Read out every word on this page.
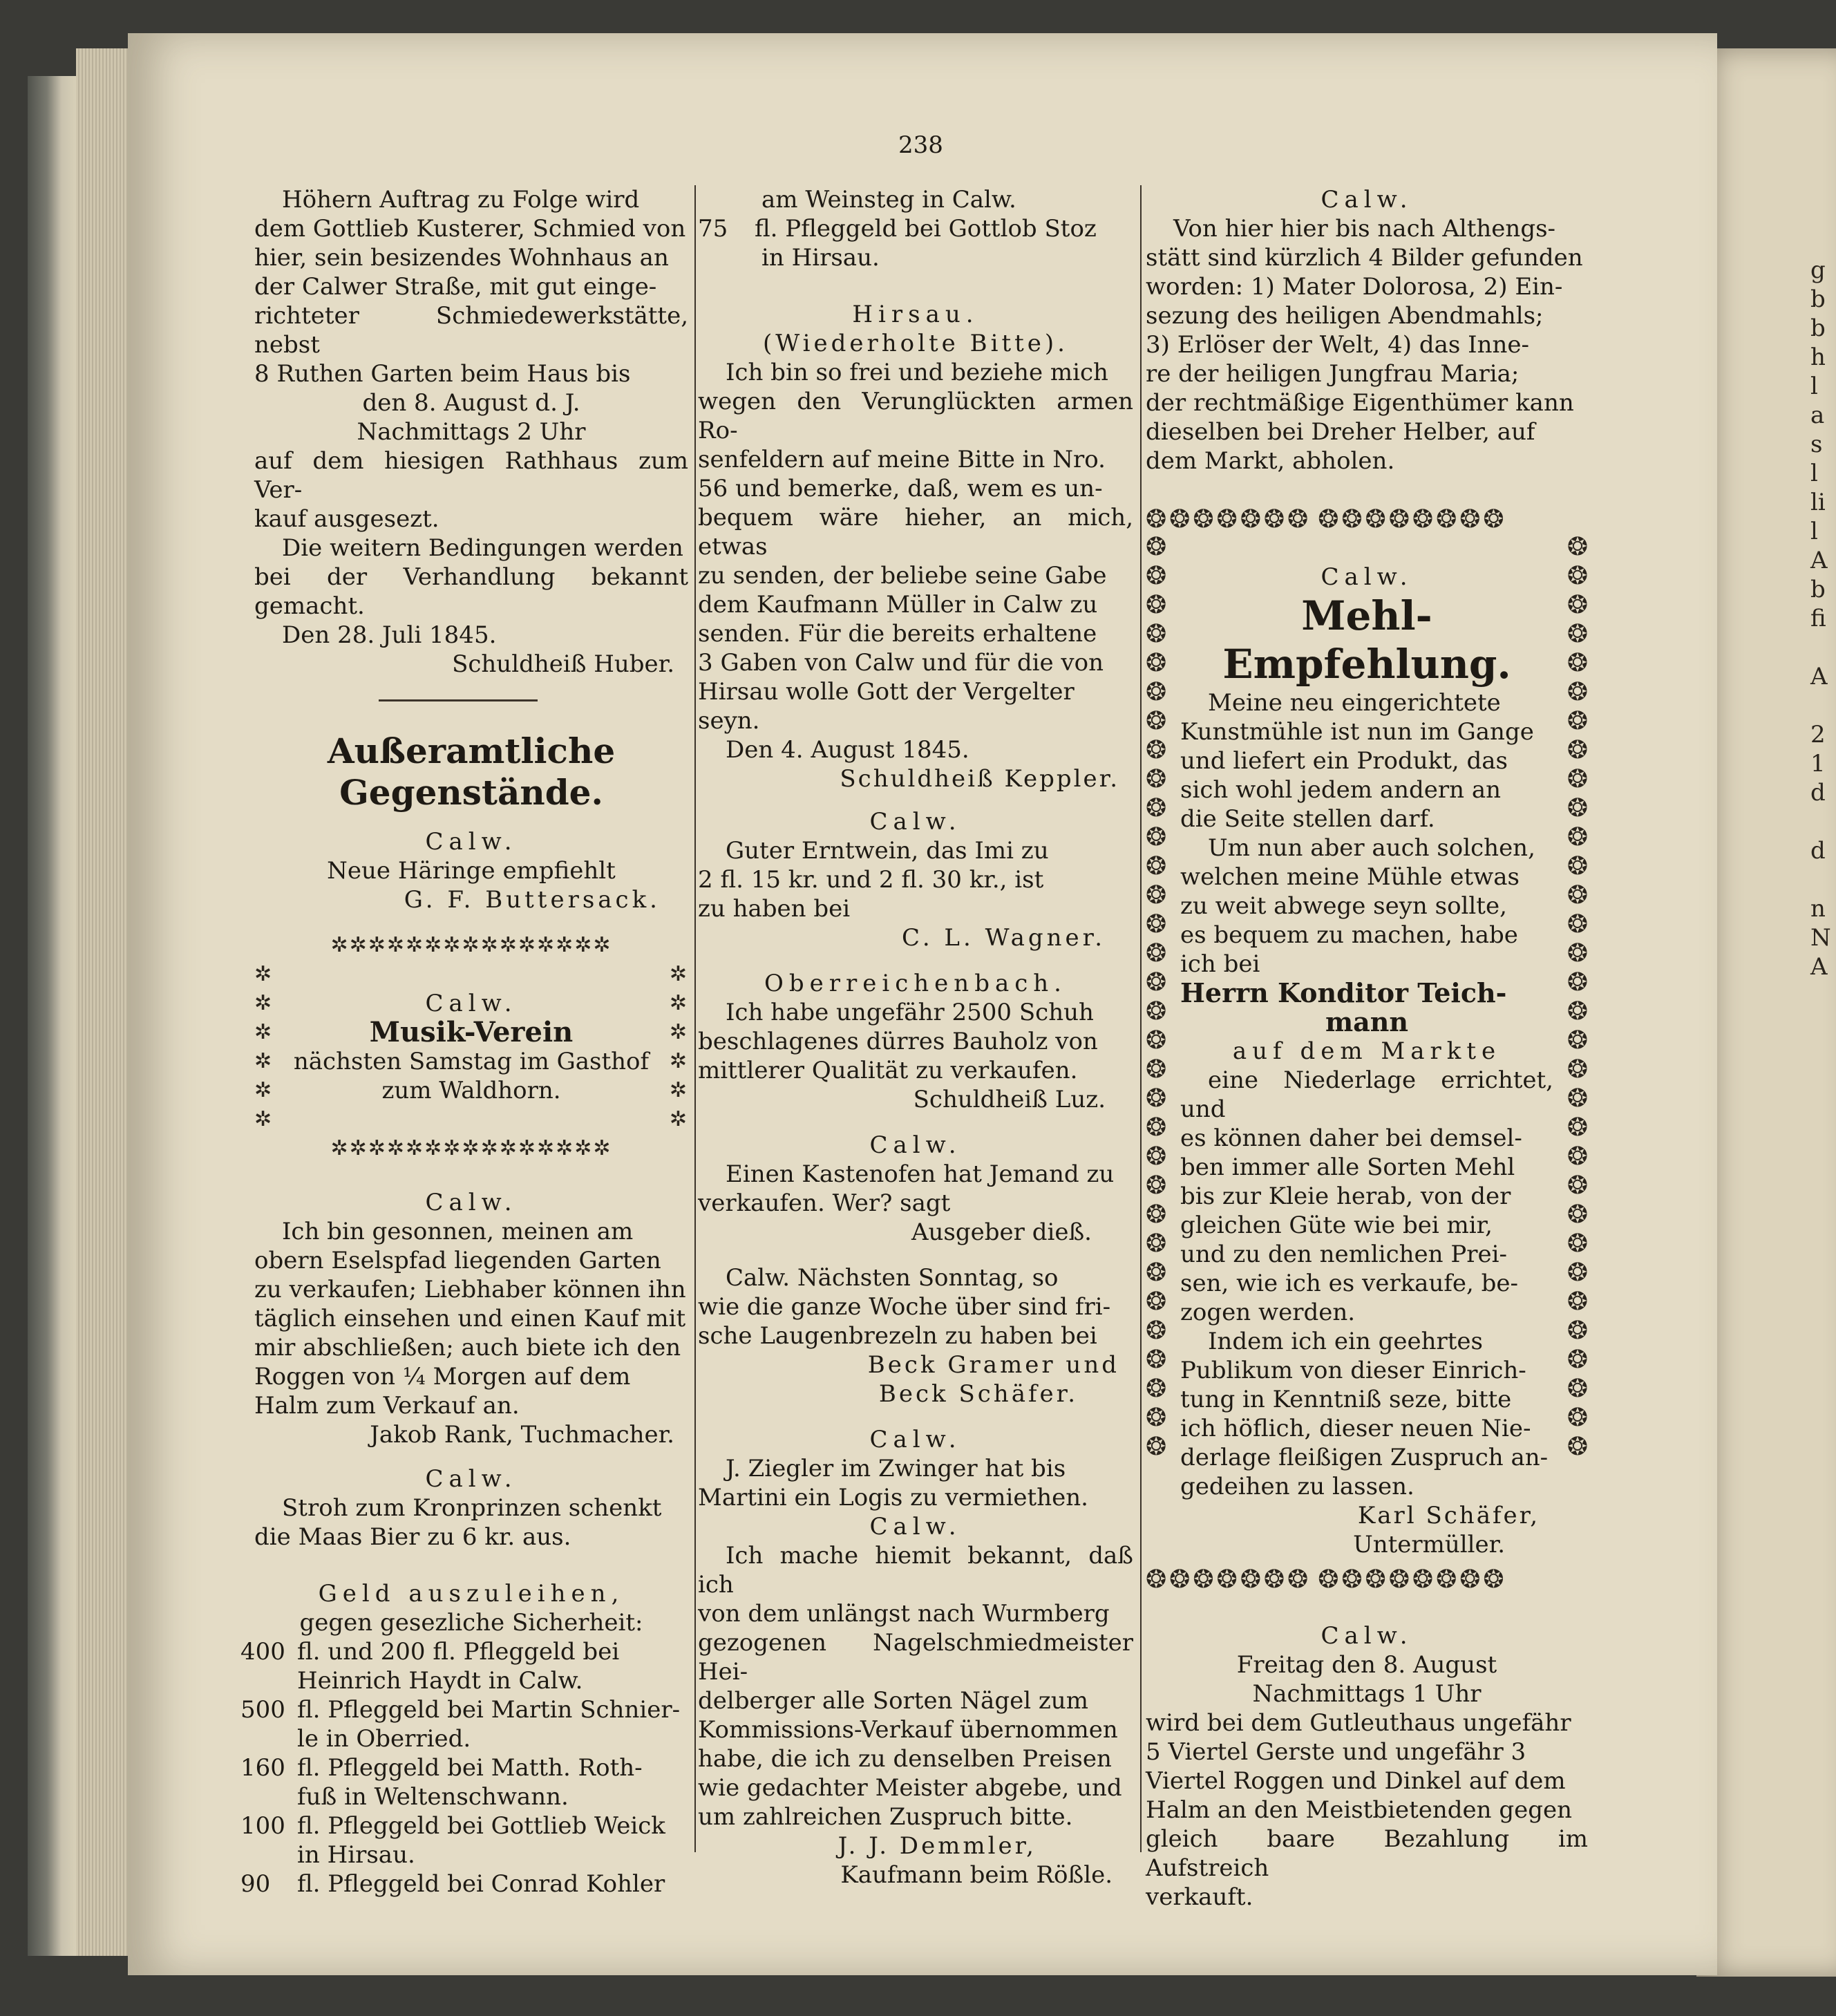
238

Höhern Auftrag zu Folge wird

dem Gottlieb Kusterer, Schmied von

hier, sein besizendes Wohnhaus an

der Calwer Straße, mit gut einge-

richteter Schmiedewerkstätte, nebst

8 Ruthen Garten beim Haus bis

den 8. August d. J.

Nachmittags 2 Uhr

auf dem hiesigen Rathhaus zum Ver-

kauf ausgesezt.

Die weitern Bedingungen werden

bei der Verhandlung bekannt gemacht.

Den 28. Juli 1845.

Schuldheiß Huber.

Außeramtliche Gegenstände.

Calw.

Neue Häringe empfiehlt

G. F. Buttersack.

✲✲✲✲✲✲✲✲✲✲✲✲✲✲✲

✲

✲

✲

✲

✲

✲

Calw.

Musik-Verein

nächsten Samstag im Gasthof

zum Waldhorn.

✲

✲

✲

✲

✲

✲

✲✲✲✲✲✲✲✲✲✲✲✲✲✲✲

Calw.

Ich bin gesonnen, meinen am

obern Eselspfad liegenden Garten

zu verkaufen; Liebhaber können ihn

täglich einsehen und einen Kauf mit

mir abschließen; auch biete ich den

Roggen von ¼ Morgen auf dem

Halm zum Verkauf an.

Jakob Rank, Tuchmacher.

Calw.

Stroh zum Kronprinzen schenkt

die Maas Bier zu 6 kr. aus.

Geld auszuleihen,

gegen gesezliche Sicherheit:

400 fl. und 200 fl. Pfleggeld bei

Heinrich Haydt in Calw.

500 fl. Pfleggeld bei Martin Schnier-

le in Oberried.

160 fl. Pfleggeld bei Matth. Roth-

fuß in Weltenschwann.

100 fl. Pfleggeld bei Gottlieb Weick

in Hirsau.

90 fl. Pfleggeld bei Conrad Kohler

am Weinsteg in Calw.

75 fl. Pfleggeld bei Gottlob Stoz

in Hirsau.

Hirsau.

(Wiederholte Bitte).

Ich bin so frei und beziehe mich

wegen den Verunglückten armen Ro-

senfeldern auf meine Bitte in Nro.

56 und bemerke, daß, wem es un-

bequem wäre hieher, an mich, etwas

zu senden, der beliebe seine Gabe

dem Kaufmann Müller in Calw zu

senden. Für die bereits erhaltene

3 Gaben von Calw und für die von

Hirsau wolle Gott der Vergelter

seyn.

Den 4. August 1845.

Schuldheiß Keppler.

Calw.

Guter Erntwein, das Imi zu

2 fl. 15 kr. und 2 fl. 30 kr., ist

zu haben bei

C. L. Wagner.

Oberreichenbach.

Ich habe ungefähr 2500 Schuh

beschlagenes dürres Bauholz von

mittlerer Qualität zu verkaufen.

Schuldheiß Luz.

Calw.

Einen Kastenofen hat Jemand zu

verkaufen. Wer? sagt

Ausgeber dieß.

Calw. Nächsten Sonntag, so

wie die ganze Woche über sind fri-

sche Laugenbrezeln zu haben bei

Beck Gramer und

Beck Schäfer.

Calw.

J. Ziegler im Zwinger hat bis

Martini ein Logis zu vermiethen.

Calw.

Ich mache hiemit bekannt, daß ich

von dem unlängst nach Wurmberg

gezogenen Nagelschmiedmeister Hei-

delberger alle Sorten Nägel zum

Kommissions-Verkauf übernommen

habe, die ich zu denselben Preisen

wie gedachter Meister abgebe, und

um zahlreichen Zuspruch bitte.

J. J. Demmler,

Kaufmann beim Rößle.

Calw.

Von hier hier bis nach Althengs-

stätt sind kürzlich 4 Bilder gefunden

worden: 1) Mater Dolorosa, 2) Ein-

sezung des heiligen Abendmahls;

3) Erlöser der Welt, 4) das Inne-

re der heiligen Jungfrau Maria;

der rechtmäßige Eigenthümer kann

dieselben bei Dreher Helber, auf

dem Markt, abholen.

❂ ❂ ❂ ❂ ❂ ❂ ❂ ❂ ❂ ❂ ❂ ❂ ❂ ❂ ❂
❂
❂
❂
❂
❂
❂
❂
❂
❂
❂
❂
❂
❂
❂
❂
❂
❂
❂
❂
❂
❂
❂
❂
❂
❂
❂
❂
❂
❂
❂
❂
❂

Calw.

Mehl-Empfehlung.

Meine neu eingerichtete

Kunstmühle ist nun im Gange

und liefert ein Produkt, das

sich wohl jedem andern an

die Seite stellen darf.

Um nun aber auch solchen,

welchen meine Mühle etwas

zu weit abwege seyn sollte,

es bequem zu machen, habe

ich bei

Herrn Konditor Teich-

mann

auf dem Markte

eine Niederlage errichtet, und

es können daher bei demsel-

ben immer alle Sorten Mehl

bis zur Kleie herab, von der

gleichen Güte wie bei mir,

und zu den nemlichen Prei-

sen, wie ich es verkaufe, be-

zogen werden.

Indem ich ein geehrtes

Publikum von dieser Einrich-

tung in Kenntniß seze, bitte

ich höflich, dieser neuen Nie-

derlage fleißigen Zuspruch an-

gedeihen zu lassen.

Karl Schäfer,

Untermüller.

❂
❂
❂
❂
❂
❂
❂
❂
❂
❂
❂
❂
❂
❂
❂
❂
❂
❂
❂
❂
❂
❂
❂
❂
❂
❂
❂
❂
❂
❂
❂
❂
❂ ❂ ❂ ❂ ❂ ❂ ❂ ❂ ❂ ❂ ❂ ❂ ❂ ❂ ❂

Calw.

Freitag den 8. August

Nachmittags 1 Uhr

wird bei dem Gutleuthaus ungefähr

5 Viertel Gerste und ungefähr 3

Viertel Roggen und Dinkel auf dem

Halm an den Meistbietenden gegen

gleich baare Bezahlung im Aufstreich

verkauft.

g
b
b
h
l
a
s
l
li
l
A
b
fi
A
2
1
d
d
n
N
A
